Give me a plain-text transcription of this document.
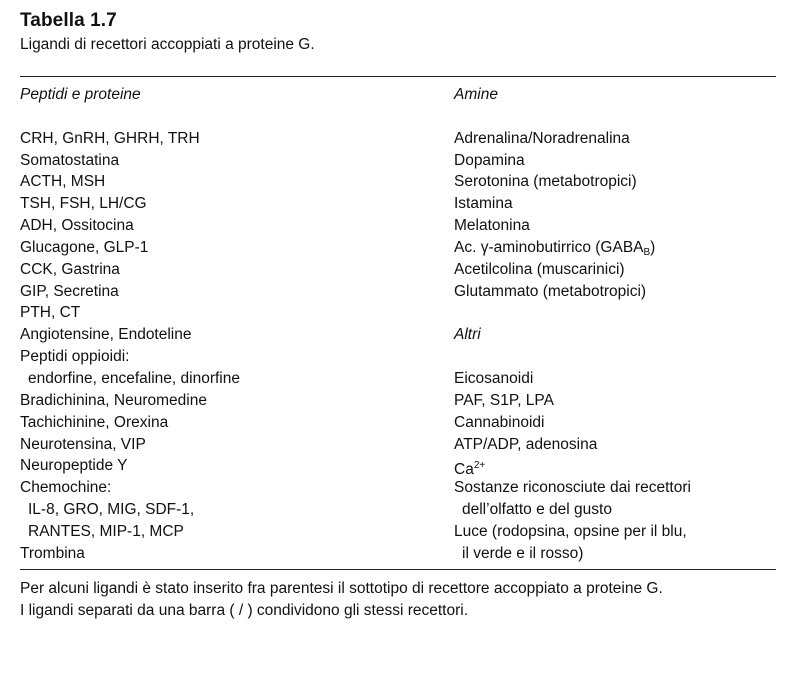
Tabella 1.7
Ligandi di recettori accoppiati a proteine G.
Peptidi e proteine
CRH, GnRH, GHRH, TRH
Somatostatina
ACTH, MSH
TSH, FSH, LH/CG
ADH, Ossitocina
Glucagone, GLP-1
CCK, Gastrina
GIP, Secretina
PTH, CT
Angiotensine, Endoteline
Peptidi oppioidi:
endorfine, encefaline, dinorfine
Bradichinina, Neuromedine
Tachichinine, Orexina
Neurotensina, VIP
Neuropeptide Y
Chemochine:
IL-8, GRO, MIG, SDF-1,
RANTES, MIP-1, MCP
Trombina
Amine
Adrenalina/Noradrenalina
Dopamina
Serotonina (metabotropici)
Istamina
Melatonina
Ac. γ-aminobutirrico $(GABA_B)$
Acetilcolina (muscarinici)
Glutammato (metabotropici)
Altri
Eicosanoidi
PAF, S1P, LPA
Cannabinoidi
ATP/ADP, adenosina
$Ca^{2+}$
Sostanze riconosciute dai recettori
dell’olfatto e del gusto
Luce (rodopsina, opsine per il blu,
il verde e il rosso)
Per alcuni ligandi è stato inserito fra parentesi il sottotipo di recettore accoppiato a proteine G.
I ligandi separati da una barra ( / ) condividono gli stessi recettori.
